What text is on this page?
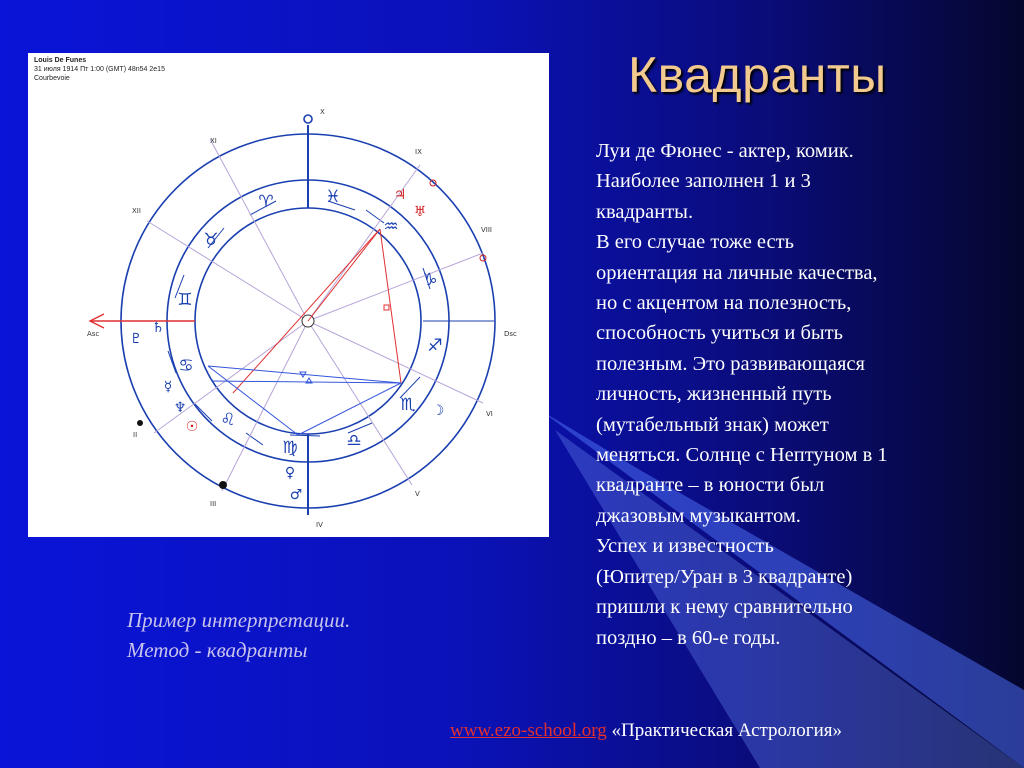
Louis De Funes
31 июля 1914 Пт 1:00 (GMT) 48n54 2e15
Courbevoie
X
IV
Dsc
Asc
XI
XII
II
III
V
VI
VIII
IX
♈
♉
♊
♋
♌
♍	♎
♏
♐
♑
♒
♓
♄
♇
☿
♆
♀
♂
☽
☉
♃
♅
Квадранты
Луи де Фюнес - актер, комик.
Наиболее заполнен 1 и 3
квадранты.
В его случае тоже есть
ориентация на личные качества,
но с акцентом на полезность,
способность учиться и быть
полезным. Это развивающаяся
личность, жизненный путь
(мутабельный знак) может
меняться. Солнце с Нептуном в 1
квадранте – в юности был
джазовым музыкантом.
Успех и известность
(Юпитер/Уран в 3 квадранте)
пришли к нему сравнительно
поздно – в 60-е годы.
Пример интерпретации.
Метод - квадранты
www.ezo-school.org «Практическая Астрология»
